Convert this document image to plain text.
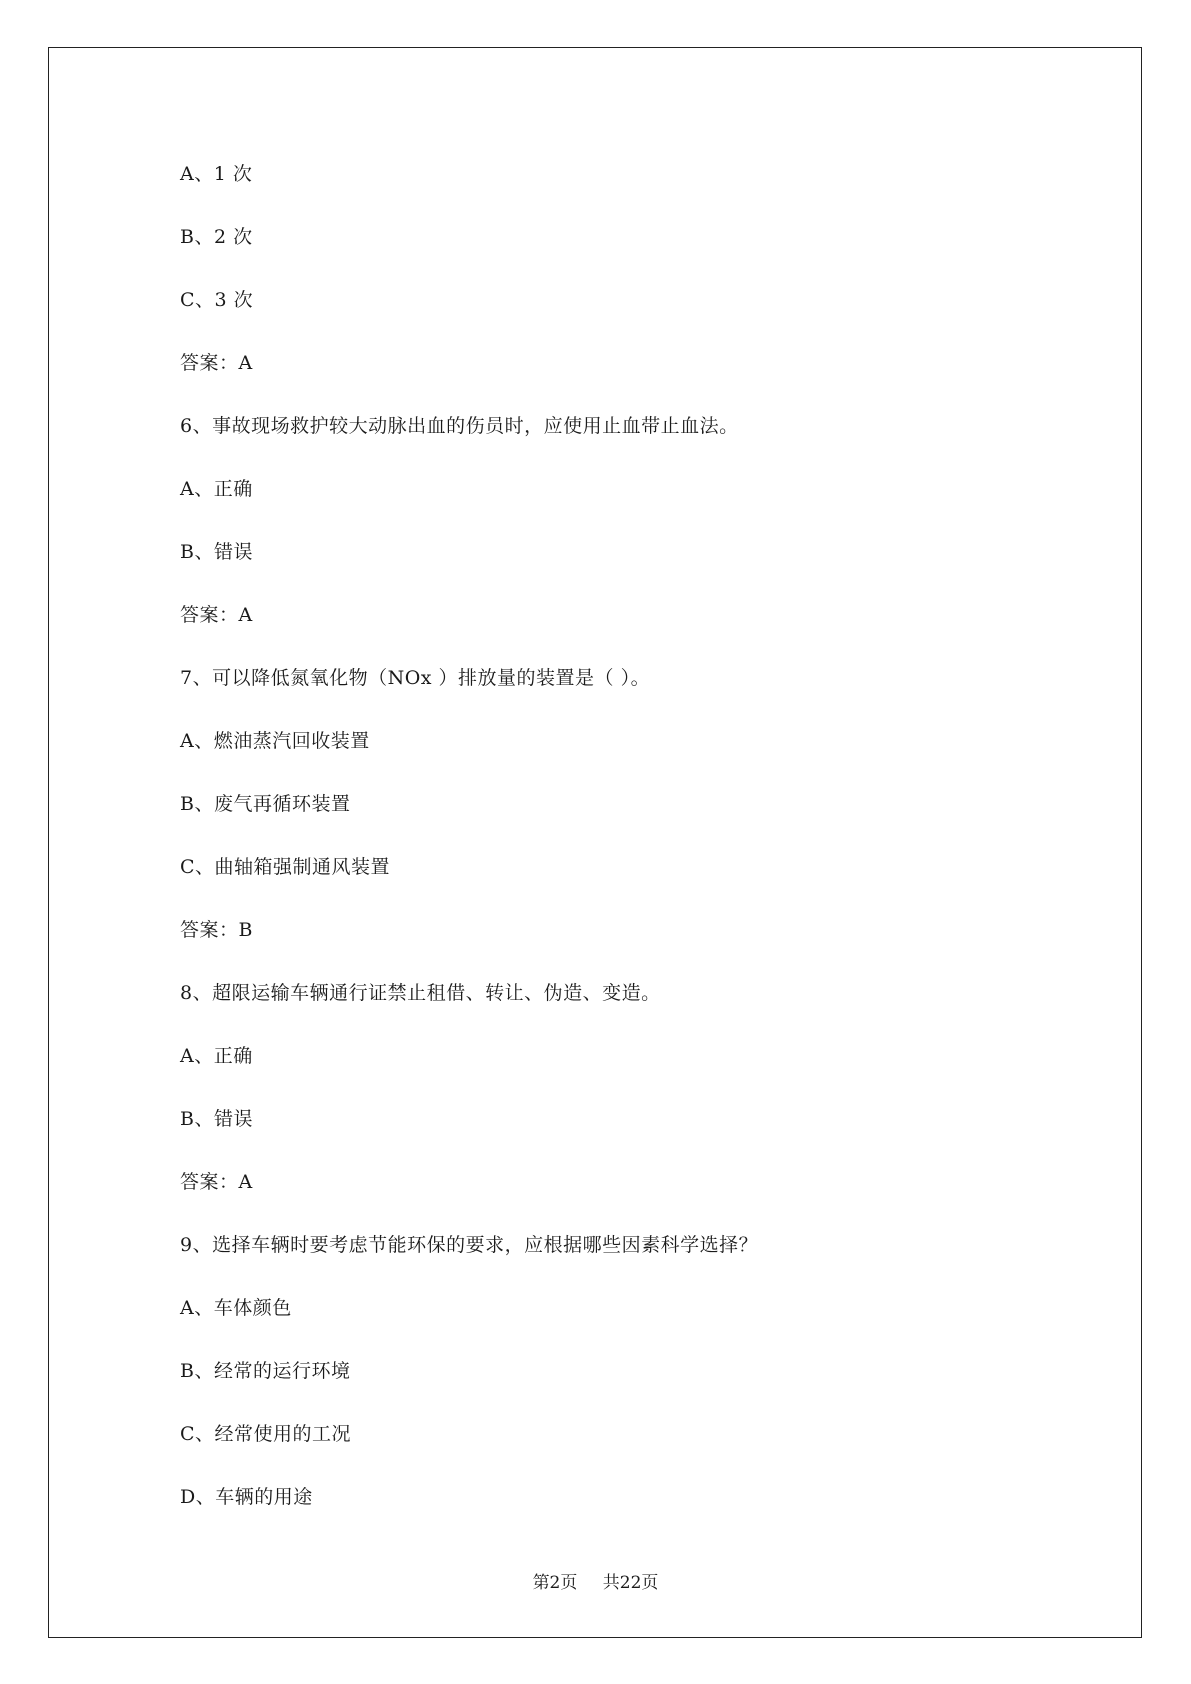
A、1 次
B、2 次
C、3 次
答案：A
6、事故现场救护较大动脉出血的伤员时，应使用止血带止血法。
A、正确
B、错误
答案：A
7、可以降低氮氧化物（NOx ）排放量的装置是（ ）。
A、燃油蒸汽回收装置
B、废气再循环装置
C、曲轴箱强制通风装置
答案：B
8、超限运输车辆通行证禁止租借、转让、伪造、变造。
A、正确
B、错误
答案：A
9、选择车辆时要考虑节能环保的要求，应根据哪些因素科学选择？
A、车体颜色
B、经常的运行环境
C、经常使用的工况
D、车辆的用途
第2页 共22页
